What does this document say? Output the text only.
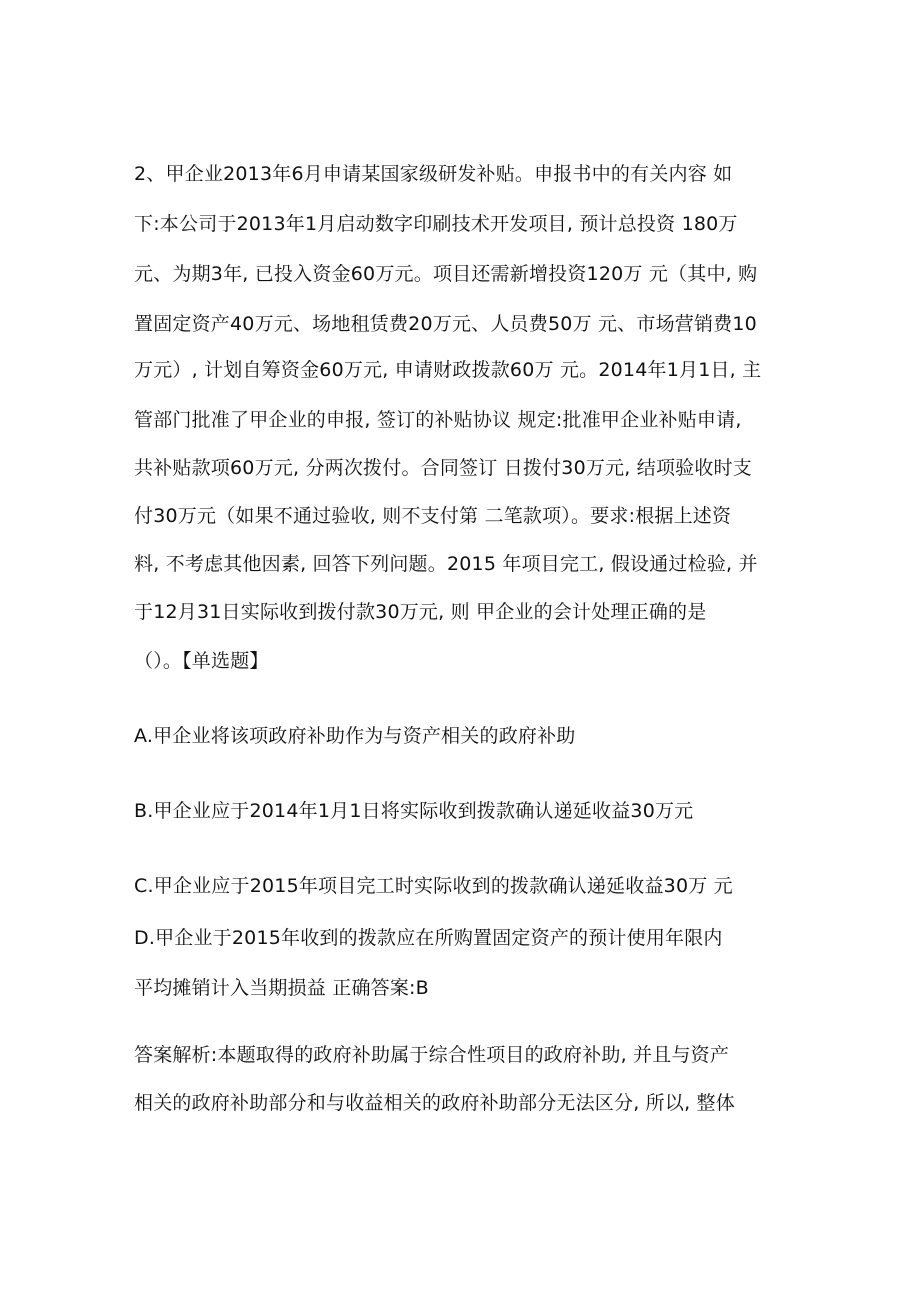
2、甲企业2013年6月申请某国家级研发补贴。申报书中的有关内容 如
下:本公司于2013年1月启动数字印刷技术开发项目, 预计总投资 180万
元、为期3年, 已投入资金60万元。项目还需新增投资120万 元（其中, 购
置固定资产40万元、场地租赁费20万元、人员费50万 元、市场营销费10
万元）, 计划自筹资金60万元, 申请财政拨款60万 元。2014年1月1日, 主
管部门批准了甲企业的申报, 签订的补贴协议 规定:批准甲企业补贴申请,
共补贴款项60万元, 分两次拨付。合同签订 日拨付30万元, 结项验收时支
付30万元（如果不通过验收, 则不支付第 二笔款项）。要求:根据上述资
料, 不考虑其他因素, 回答下列问题。2015 年项目完工, 假设通过检验, 并
于12月31日实际收到拨付款30万元, 则 甲企业的会计处理正确的是
（）。【单选题】
A.甲企业将该项政府补助作为与资产相关的政府补助
B.甲企业应于2014年1月1日将实际收到拨款确认递延收益30万元
C.甲企业应于2015年项目完工时实际收到的拨款确认递延收益30万 元
D.甲企业于2015年收到的拨款应在所购置固定资产的预计使用年限内
平均摊销计入当期损益 正确答案:B
答案解析:本题取得的政府补助属于综合性项目的政府补助, 并且与资产
相关的政府补助部分和与收益相关的政府补助部分无法区分, 所以, 整体
